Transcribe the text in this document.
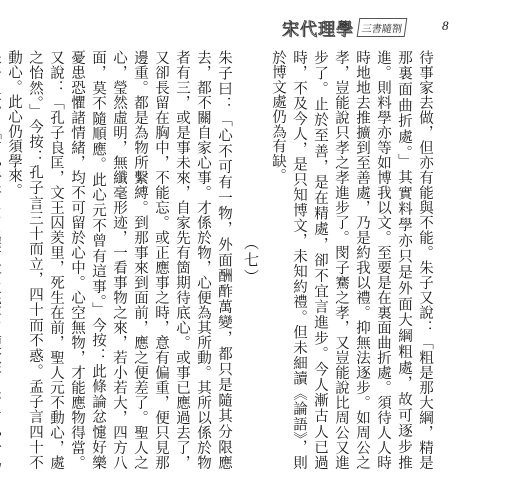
宋代理學 三書隨劄	8

待事家去做，但亦有能與不能。朱子又說：「粗是那大綱，精是那裏面曲折處。」其實料學亦只是外面大綱粗處，故可逐步推進。則料學亦等如博我以文。至要是在裏面曲折處。須待人人時時地地去推擴到至善處，乃是約我以禮。抑無法逐步。如周公之孝，豈能說只孝之孝進步了。閔子騫之孝，又豈能說比周公又進步了。止於至善，是在精處，卻不宜言進步。今人漸古人已過時，不及今人，是只知博文，未知約禮。但未細讀《論語》，則於博文處仍為有缺。

（七）

朱子曰：「心不可有一物，外面酬酢萬變，都只是隨其分限應去，都不關自家心事。才係於物，心便為其所動。其所以係於物者有三，或是事未來，自家先有箇期待底心。或事已應過去了，又卻長留在胸中，不能忘。或正應事之時，意有偏重，便只見那邊重。都是為物所繫縛。到那事來到面前，應之便差了。聖人之心，瑩然虛明，無纖毫形迹，一看事物之來，若小若大，四方八面，莫不隨順應。此心元不曾有這事。」今按：此條論忿懥好樂憂患恐懼諸情緒，均不可留於心中。心空無物，才能應物得當。又說：「孔子良匡，文王囚羑里，死生在前，聖人元不動心，處之怡然。」今按：孔子言三十而立，四十而不惑。孟子言四十不動心。此心仍須學來。
